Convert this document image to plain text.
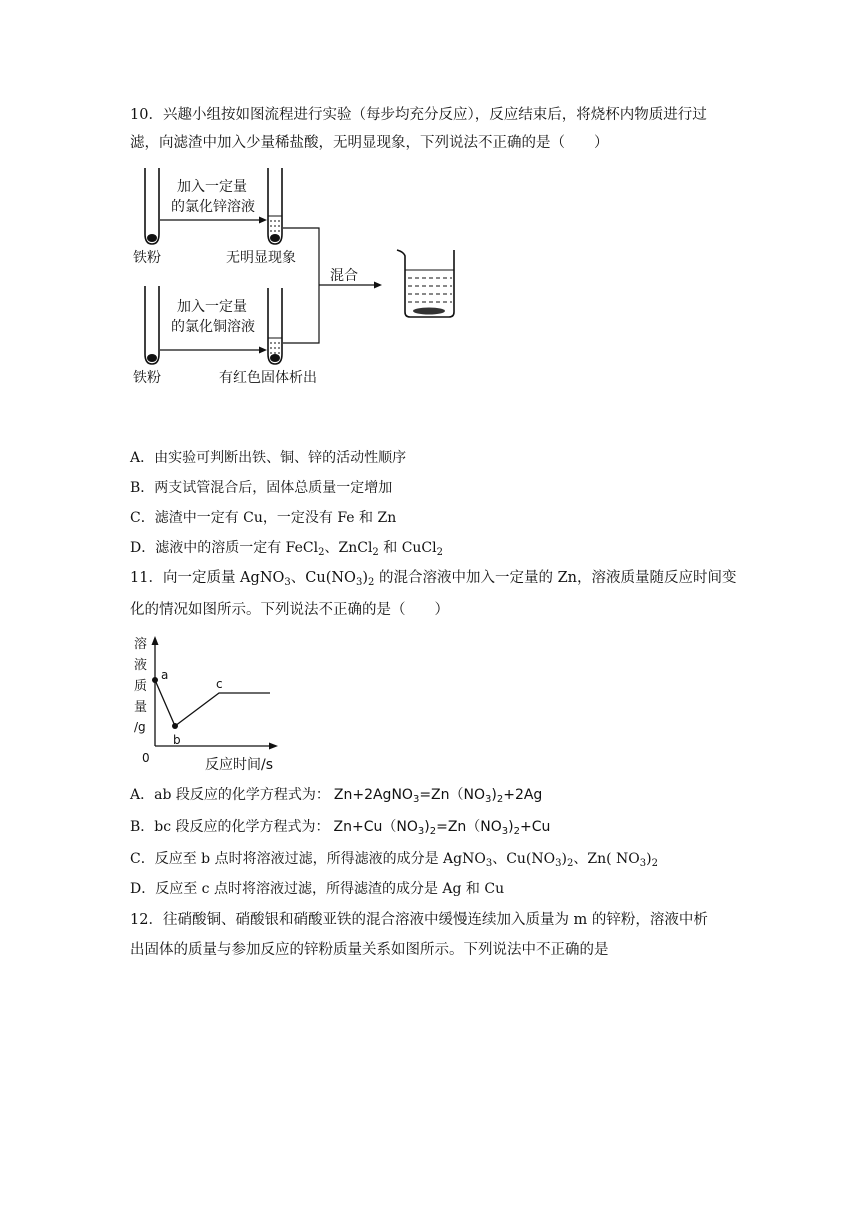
10．兴趣小组按如图流程进行实验（每步均充分反应），反应结束后，将烧杯内物质进行过
滤，向滤渣中加入少量稀盐酸，无明显现象，下列说法不正确的是（　　）
加入一定量
的氯化锌溶液
铁粉	无明显现象
加入一定量
的氯化铜溶液
铁粉	有红色固体析出
混合
A．由实验可判断出铁、铜、锌的活动性顺序
B．两支试管混合后，固体总质量一定增加
C．滤渣中一定有 Cu，一定没有 Fe 和 Zn
D．滤液中的溶质一定有 FeCl$_2$、ZnCl$_2$ 和 CuCl$_2$
11．向一定质量 AgNO$_3$、$Cu(NO_3)_2$ 的混合溶液中加入一定量的 Zn，溶液质量随反应时间变
化的情况如图所示。下列说法不正确的是（　　）
溶
液
质
量
/g
0	反应时间/s
a
b
c
A．ab 段反应的化学方程式为： $Zn+2AgNO_3=Zn(NO_3)_2+2Ag$
B．bc 段反应的化学方程式为： $Zn+Cu(NO_3)_2=Zn(NO_3)_2+Cu$
C．反应至 b 点时将溶液过滤，所得滤液的成分是 AgNO$_3$、$Cu(NO_3)_2$、Zn( $NO_3)_2$
D．反应至 c 点时将溶液过滤，所得滤渣的成分是 Ag 和 Cu
12．往硝酸铜、硝酸银和硝酸亚铁的混合溶液中缓慢连续加入质量为 m 的锌粉，溶液中析
出固体的质量与参加反应的锌粉质量关系如图所示。下列说法中不正确的是
